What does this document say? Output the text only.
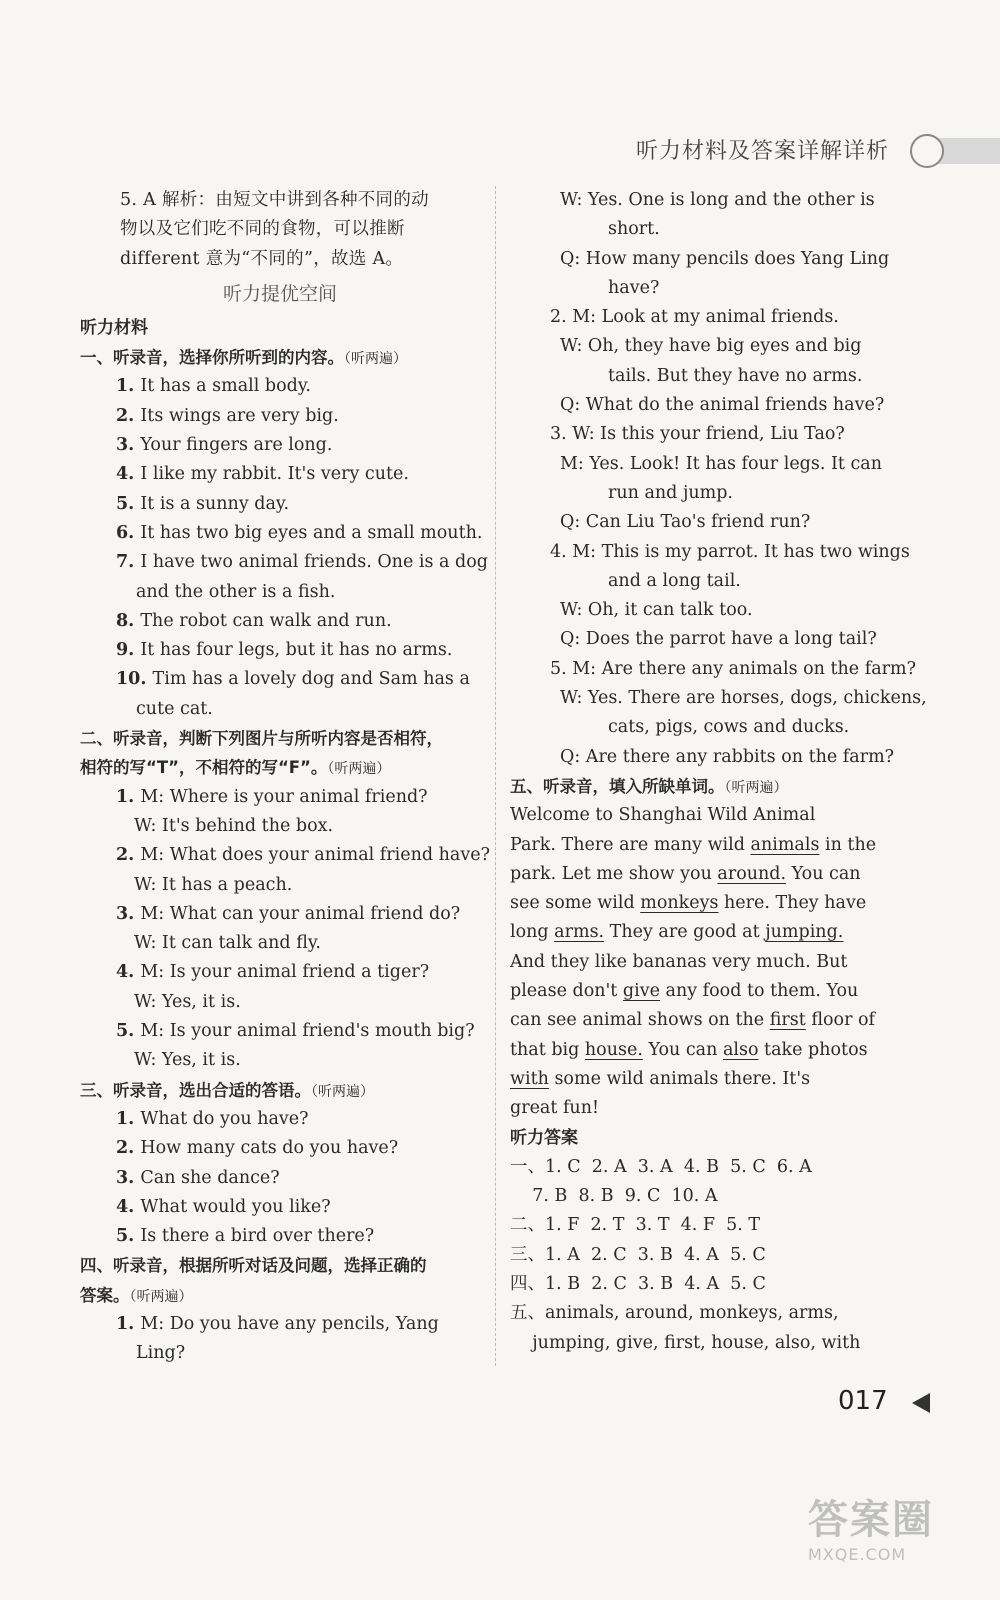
听力材料及答案详解详析
5. A 解析：由短文中讲到各种不同的动
物以及它们吃不同的食物，可以推断
different 意为“不同的”，故选 A。
听力提优空间
听力材料
一、听录音，选择你所听到的内容。（听两遍）
1. It has a small body.
2. Its wings are very big.
3. Your fingers are long.
4. I like my rabbit. It's very cute.
5. It is a sunny day.
6. It has two big eyes and a small mouth.
7. I have two animal friends. One is a dog
and the other is a fish.
8. The robot can walk and run.
9. It has four legs, but it has no arms.
10. Tim has a lovely dog and Sam has a
cute cat.
二、听录音，判断下列图片与所听内容是否相符，
相符的写“T”，不相符的写“F”。（听两遍）
1. M: Where is your animal friend?
W: It's behind the box.
2. M: What does your animal friend have?
W: It has a peach.
3. M: What can your animal friend do?
W: It can talk and fly.
4. M: Is your animal friend a tiger?
W: Yes, it is.
5. M: Is your animal friend's mouth big?
W: Yes, it is.
三、听录音，选出合适的答语。（听两遍）
1. What do you have?
2. How many cats do you have?
3. Can she dance?
4. What would you like?
5. Is there a bird over there?
四、听录音，根据所听对话及问题，选择正确的
答案。（听两遍）
1. M: Do you have any pencils, Yang
Ling?
W: Yes. One is long and the other is
short.
Q: How many pencils does Yang Ling
have?
2. M: Look at my animal friends.
W: Oh, they have big eyes and big
tails. But they have no arms.
Q: What do the animal friends have?
3. W: Is this your friend, Liu Tao?
M: Yes. Look! It has four legs. It can
run and jump.
Q: Can Liu Tao's friend run?
4. M: This is my parrot. It has two wings
and a long tail.
W: Oh, it can talk too.
Q: Does the parrot have a long tail?
5. M: Are there any animals on the farm?
W: Yes. There are horses, dogs, chickens,
cats, pigs, cows and ducks.
Q: Are there any rabbits on the farm?
五、听录音，填入所缺单词。（听两遍）
Welcome to Shanghai Wild Animal
Park. There are many wild animals in the
park. Let me show you around. You can
see some wild monkeys here. They have
long arms. They are good at jumping.
And they like bananas very much. But
please don't give any food to them. You
can see animal shows on the first floor of
that big house. You can also take photos
with some wild animals there. It's
great fun!
听力答案
一、1. C  2. A  3. A  4. B  5. C  6. A
7. B  8. B  9. C  10. A
二、1. F  2. T  3. T  4. F  5. T
三、1. A  2. C  3. B  4. A  5. C
四、1. B  2. C  3. B  4. A  5. C
五、animals, around, monkeys, arms,
jumping, give, first, house, also, with
017
答案圈
MXQE.COM
